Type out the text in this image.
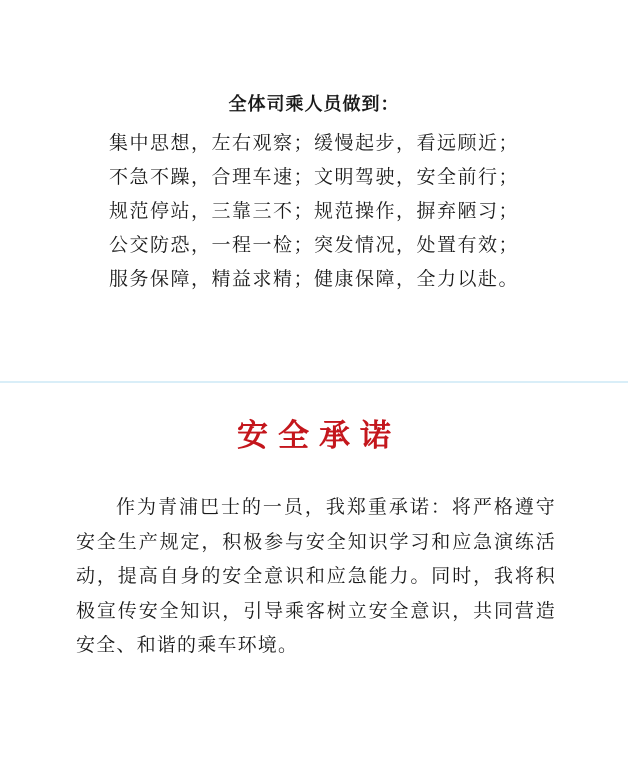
全体司乘人员做到：
集中思想，左右观察；缓慢起步，看远顾近；
不急不躁，合理车速；文明驾驶，安全前行；
规范停站，三靠三不；规范操作，摒弃陋习；
公交防恐，一程一检；突发情况，处置有效；
服务保障，精益求精；健康保障，全力以赴。
安全承诺
作为青浦巴士的一员，我郑重承诺：将严格遵守安全生产规定，积极参与安全知识学习和应急演练活动，提高自身的安全意识和应急能力。同时，我将积极宣传安全知识，引导乘客树立安全意识，共同营造安全、和谐的乘车环境。
